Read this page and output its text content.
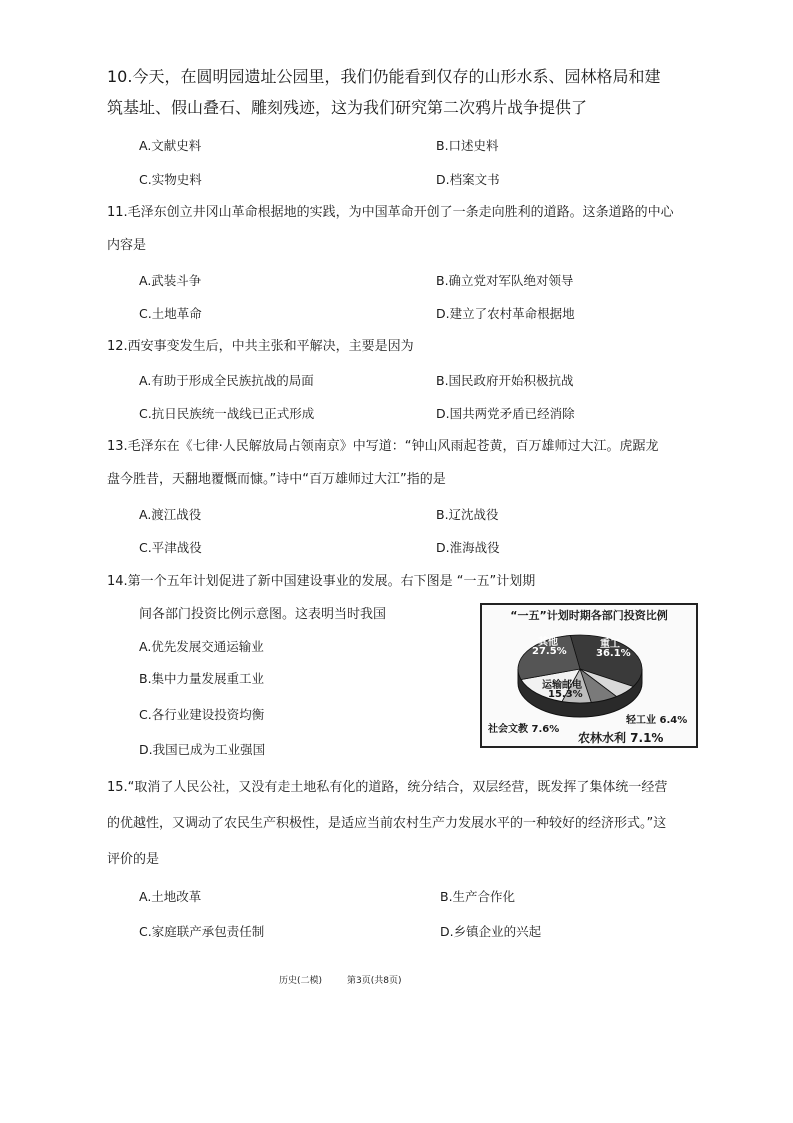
10.今天，在圆明园遗址公园里，我们仍能看到仅存的山形水系、园林格局和建
筑基址、假山叠石、雕刻残迹，这为我们研究第二次鸦片战争提供了
A.文献史料	B.口述史料
C.实物史料	D.档案文书
11.毛泽东创立井冈山革命根据地的实践，为中国革命开创了一条走向胜利的道路。这条道路的中心
内容是
A.武装斗争	B.确立党对军队绝对领导
C.土地革命	D.建立了农村革命根据地
12.西安事变发生后，中共主张和平解决，主要是因为
A.有助于形成全民族抗战的局面	B.国民政府开始积极抗战
C.抗日民族统一战线已正式形成	D.国共两党矛盾已经消除
13.毛泽东在《七律·人民解放局占领南京》中写道：“钟山风雨起苍黄，百万雄师过大江。虎踞龙
盘今胜昔，天翻地覆慨而慷。”诗中“百万雄师过大江”指的是
A.渡江战役	B.辽沈战役
C.平津战役	D.淮海战役
14.第一个五年计划促进了新中国建设事业的发展。右下图是 “一五”计划期
间各部门投资比例示意图。这表明当时我国
A.优先发展交通运输业
B.集中力量发展重工业
C.各行业建设投资均衡
D.我国已成为工业强国
“一五”计划时期各部门投资比例
其他
27.5%
重工
36.1%
运输邮电
15.3%
轻工业 6.4%
社会文教 7.6%
农林水利 7.1%
15.“取消了人民公社，又没有走土地私有化的道路，统分结合，双层经营，既发挥了集体统一经营
的优越性，又调动了农民生产积极性，是适应当前农村生产力发展水平的一种较好的经济形式。”这
评价的是
A.土地改革	B.生产合作化
C.家庭联产承包责任制	D.乡镇企业的兴起
历史(二模)	第3页(共8页)
